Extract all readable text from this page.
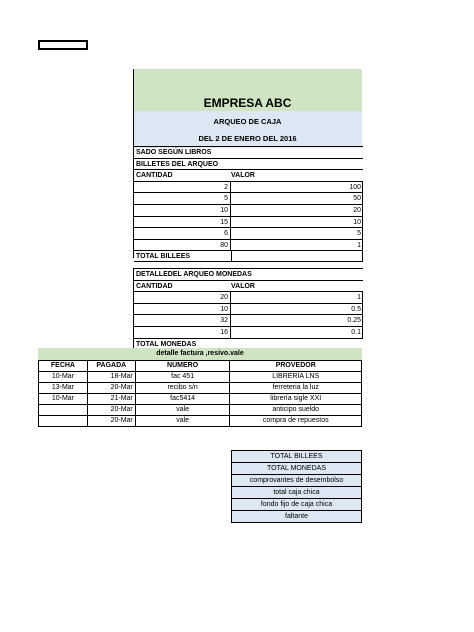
EMPRESA ABC
ARQUEO DE CAJA
DEL 2 DE ENERO DEL 2016
SADO SEGÚN LIBROS
BILLETES DEL ARQUEO
CANTIDAD	VALOR
2	100
5	50
10	20
15	10
6	5
80	1
TOTAL BILLEES
DETALLEDEL ARQUEO MONEDAS
CANTIDAD	VALOR
20	1
10	0.5
32	0.25
16	0.1
TOTAL MONEDAS
detalle factura ,resivo.vale
FECHA	PAGADA	NUMERO	PROVEDOR
10-Mar	18-Mar	fac 451	LIBRERÍA LNS
13-Mar	20-Mar	recibo s/n	ferreteria la luz
10-Mar	21-Mar	fac5414	librería sigle XXI
	20-Mar	vale	anticipo sueldo
	20-Mar	vale	compra de repuestos
TOTAL BILLEES
TOTAL MONEDAS
comprovantes de desembolso
total caja chica
fondo fijo de caja chica
faltante
